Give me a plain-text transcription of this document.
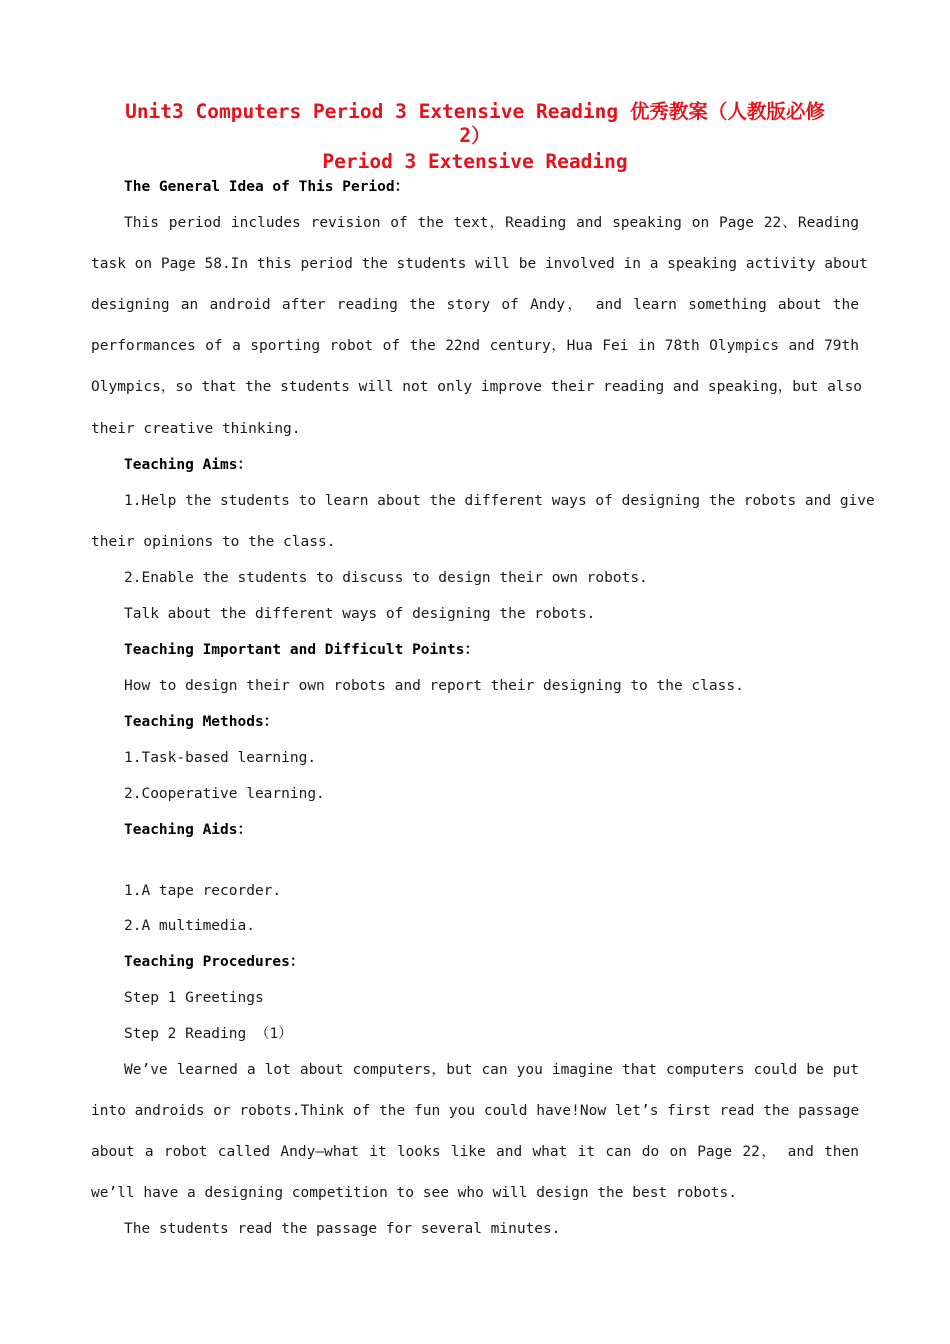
Unit3 Computers Period 3 Extensive Reading 优秀教案（人教版必修
2）
Period 3 Extensive Reading
The General Idea of This Period：
This period includes revision of the text，Reading and speaking on Page 22、Reading
task on Page 58.In this period the students will be involved in a speaking activity about
designing an android after reading the story of Andy， and learn something about the
performances of a sporting robot of the 22nd century，Hua Fei in 78th Olympics and 79th
Olympics，so that the students will not only improve their reading and speaking，but also
their creative thinking.
Teaching Aims：
1.Help the students to learn about the different ways of designing the robots and give
their opinions to the class.
2.Enable the students to discuss to design their own robots.
Talk about the different ways of designing the robots.
Teaching Important and Difficult Points：
How to design their own robots and report their designing to the class.
Teaching Methods：
1.Task-based learning.
2.Cooperative learning.
Teaching Aids：
1.A tape recorder.
2.A multimedia.
Teaching Procedures：
Step 1 Greetings
Step 2 Reading （1）
We’ve learned a lot about computers，but can you imagine that computers could be put
into androids or robots.Think of the fun you could have!Now let’s first read the passage
about a robot called Andy—what it looks like and what it can do on Page 22， and then
we’ll have a designing competition to see who will design the best robots.
The students read the passage for several minutes.
